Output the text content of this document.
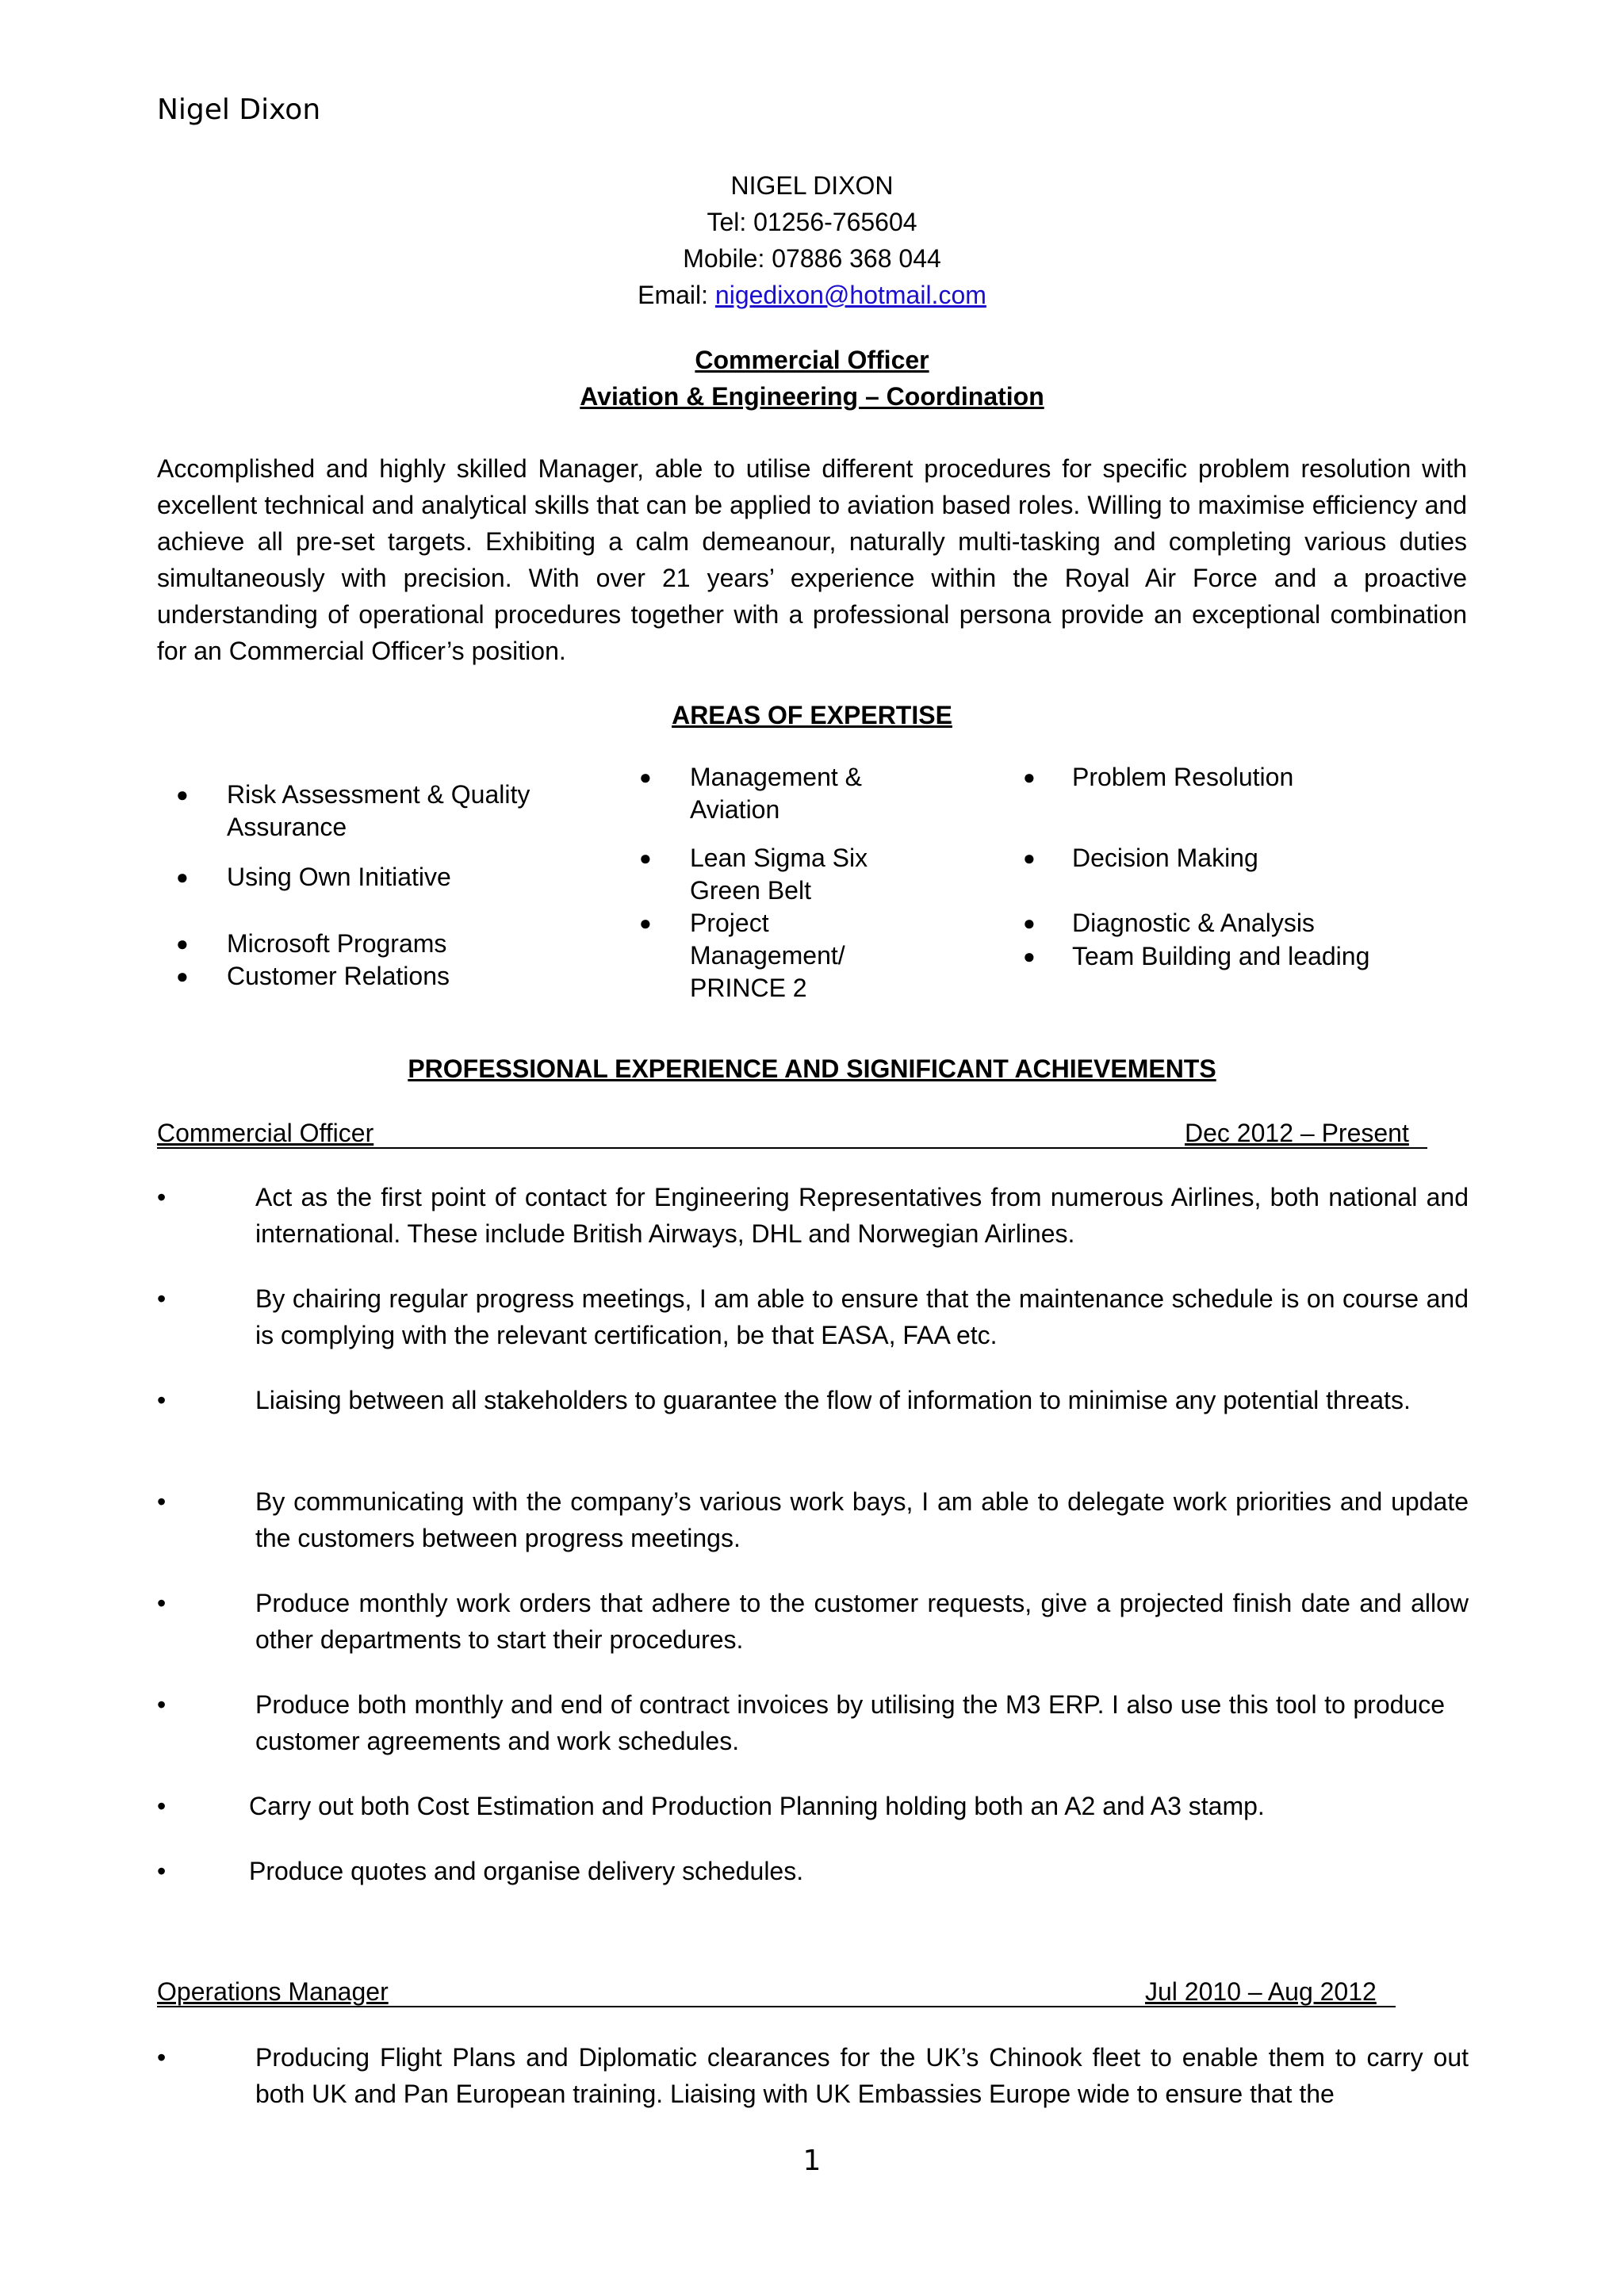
Nigel Dixon
NIGEL DIXON
Tel: 01256-765604
Mobile: 07886 368 044
Email: nigedixon@hotmail.com
Commercial Officer
Aviation & Engineering – Coordination

Accomplished and highly skilled Manager, able to utilise different procedures for specific problem resolution with excellent technical and analytical skills that can be applied to aviation based roles. Willing to maximise efficiency and achieve all pre-set targets. Exhibiting a calm demeanour, naturally multi-tasking and completing various duties simultaneously with precision. With over 21 years’ experience within the Royal Air Force and a proactive understanding of operational procedures together with a professional persona provide an exceptional combination for an Commercial Officer’s position.

AREAS OF EXPERTISE
● Risk Assessment & Quality Assurance
● Using Own Initiative
● Microsoft Programs
● Customer Relations
● Management & Aviation
● Lean Sigma Six Green Belt
● Project Management/ PRINCE 2
● Problem Resolution
● Decision Making
● Diagnostic & Analysis
● Team Building and leading
PROFESSIONAL EXPERIENCE AND SIGNIFICANT ACHIEVEMENTS
Commercial Officer	Dec 2012 – Present
•	Act as the first point of contact for Engineering Representatives from numerous Airlines, both national and international. These include British Airways, DHL and Norwegian Airlines.
•	By chairing regular progress meetings, I am able to ensure that the maintenance schedule is on course and is complying with the relevant certification, be that EASA, FAA etc.
•	Liaising between all stakeholders to guarantee the flow of information to minimise any potential threats.
•	By communicating with the company’s various work bays, I am able to delegate work priorities and update the customers between progress meetings.
•	Produce monthly work orders that adhere to the customer requests, give a projected finish date and allow other departments to start their procedures.
•	Produce both monthly and end of contract invoices by utilising the M3 ERP. I also use this tool to produce customer agreements and work schedules.
•	Carry out both Cost Estimation and Production Planning holding both an A2 and A3 stamp.
•	Produce quotes and organise delivery schedules.
Operations Manager	Jul 2010 – Aug 2012
•	Producing Flight Plans and Diplomatic clearances for the UK’s Chinook fleet to enable them to carry out both UK and Pan European training. Liaising with UK Embassies Europe wide to ensure that the
1
